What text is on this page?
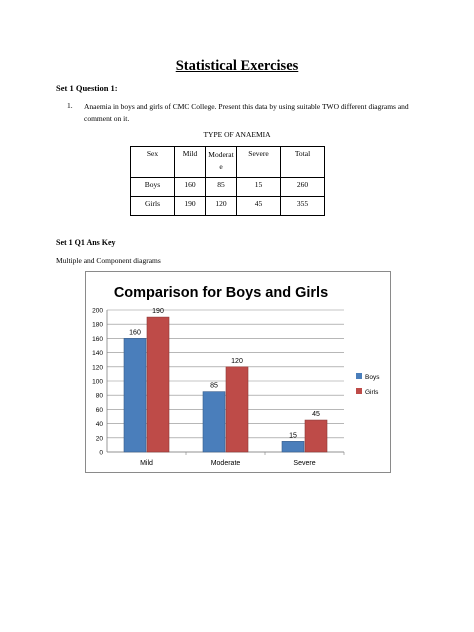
Statistical Exercises
Set 1 Question 1:
1. Anaemia in boys and girls of CMC College. Present this data by using suitable TWO different diagrams and comment on it.
TYPE OF ANAEMIA
Sex	Mild	Moderate	Severe	Total
Boys	160	85	15	260
Girls	190	120	45	355
Set 1 Q1 Ans Key
Multiple and Component diagrams
Comparison for Boys and Girls
0
20
40
60
80
100
120
140
160
180
200
Mild
160
190
Moderate
85
120
Severe
15
45
Boys
Girls
